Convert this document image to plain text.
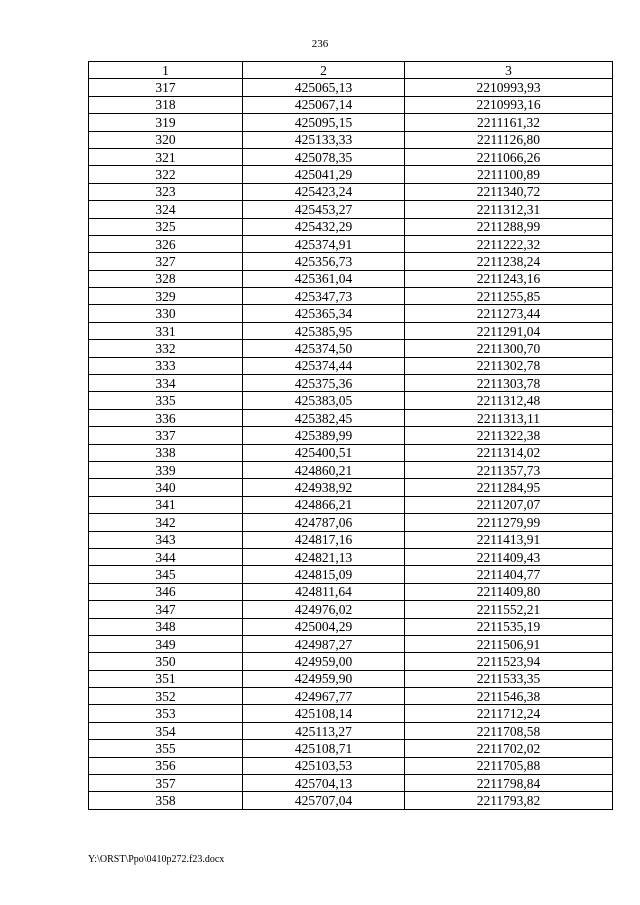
236
1	2	3
317	425065,13	2210993,93
318	425067,14	2210993,16
319	425095,15	2211161,32
320	425133,33	2211126,80
321	425078,35	2211066,26
322	425041,29	2211100,89
323	425423,24	2211340,72
324	425453,27	2211312,31
325	425432,29	2211288,99
326	425374,91	2211222,32
327	425356,73	2211238,24
328	425361,04	2211243,16
329	425347,73	2211255,85
330	425365,34	2211273,44
331	425385,95	2211291,04
332	425374,50	2211300,70
333	425374,44	2211302,78
334	425375,36	2211303,78
335	425383,05	2211312,48
336	425382,45	2211313,11
337	425389,99	2211322,38
338	425400,51	2211314,02
339	424860,21	2211357,73
340	424938,92	2211284,95
341	424866,21	2211207,07
342	424787,06	2211279,99
343	424817,16	2211413,91
344	424821,13	2211409,43
345	424815,09	2211404,77
346	424811,64	2211409,80
347	424976,02	2211552,21
348	425004,29	2211535,19
349	424987,27	2211506,91
350	424959,00	2211523,94
351	424959,90	2211533,35
352	424967,77	2211546,38
353	425108,14	2211712,24
354	425113,27	2211708,58
355	425108,71	2211702,02
356	425103,53	2211705,88
357	425704,13	2211798,84
358	425707,04	2211793,82
Y:\ORST\Ppo\0410p272.f23.docx
